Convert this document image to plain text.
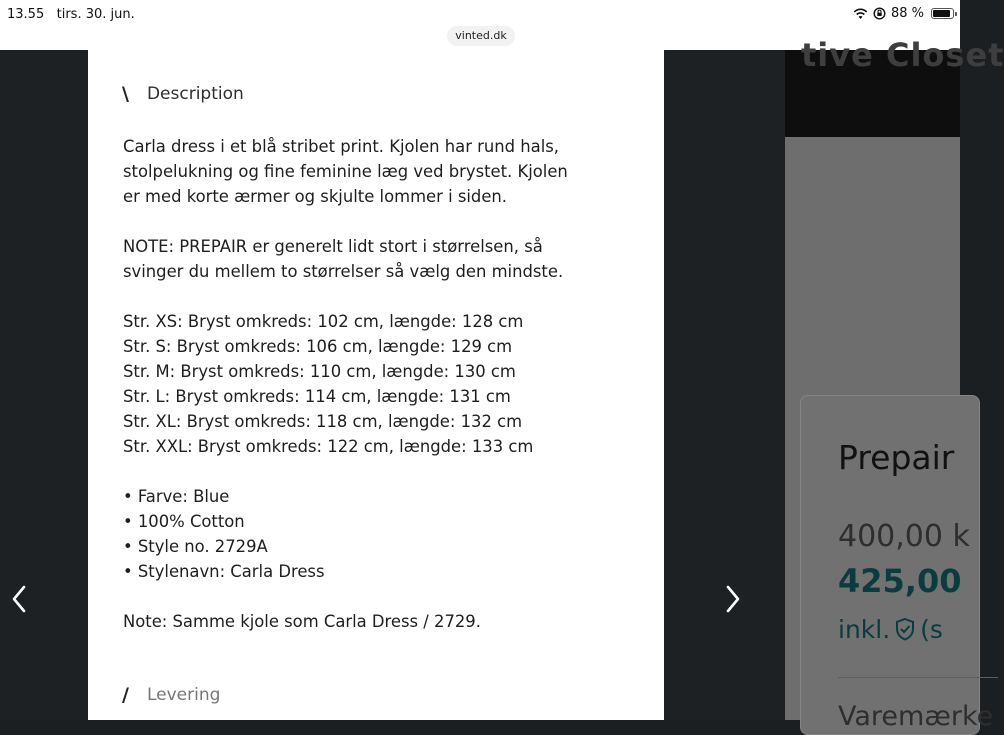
13.55 tirs. 30. jun.	88 %
vinted.dk
tive Closet
Prepair
400,00 k
425,00
inkl. (s
Varemærke
\ Description
Carla dress i et blå stribet print. Kjolen har rund hals,
stolpelukning og fine feminine læg ved brystet. Kjolen
er med korte ærmer og skjulte lommer i siden.

NOTE: PREPAIR er generelt lidt stort i størrelsen, så
svinger du mellem to størrelser så vælg den mindste.

Str. XS: Bryst omkreds: 102 cm, længde: 128 cm
Str. S: Bryst omkreds: 106 cm, længde: 129 cm
Str. M: Bryst omkreds: 110 cm, længde: 130 cm
Str. L: Bryst omkreds: 114 cm, længde: 131 cm
Str. XL: Bryst omkreds: 118 cm, længde: 132 cm
Str. XXL: Bryst omkreds: 122 cm, længde: 133 cm

• Farve: Blue
• 100% Cotton
• Style no. 2729A
• Stylenavn: Carla Dress

Note: Samme kjole som Carla Dress / 2729.
/ Levering
